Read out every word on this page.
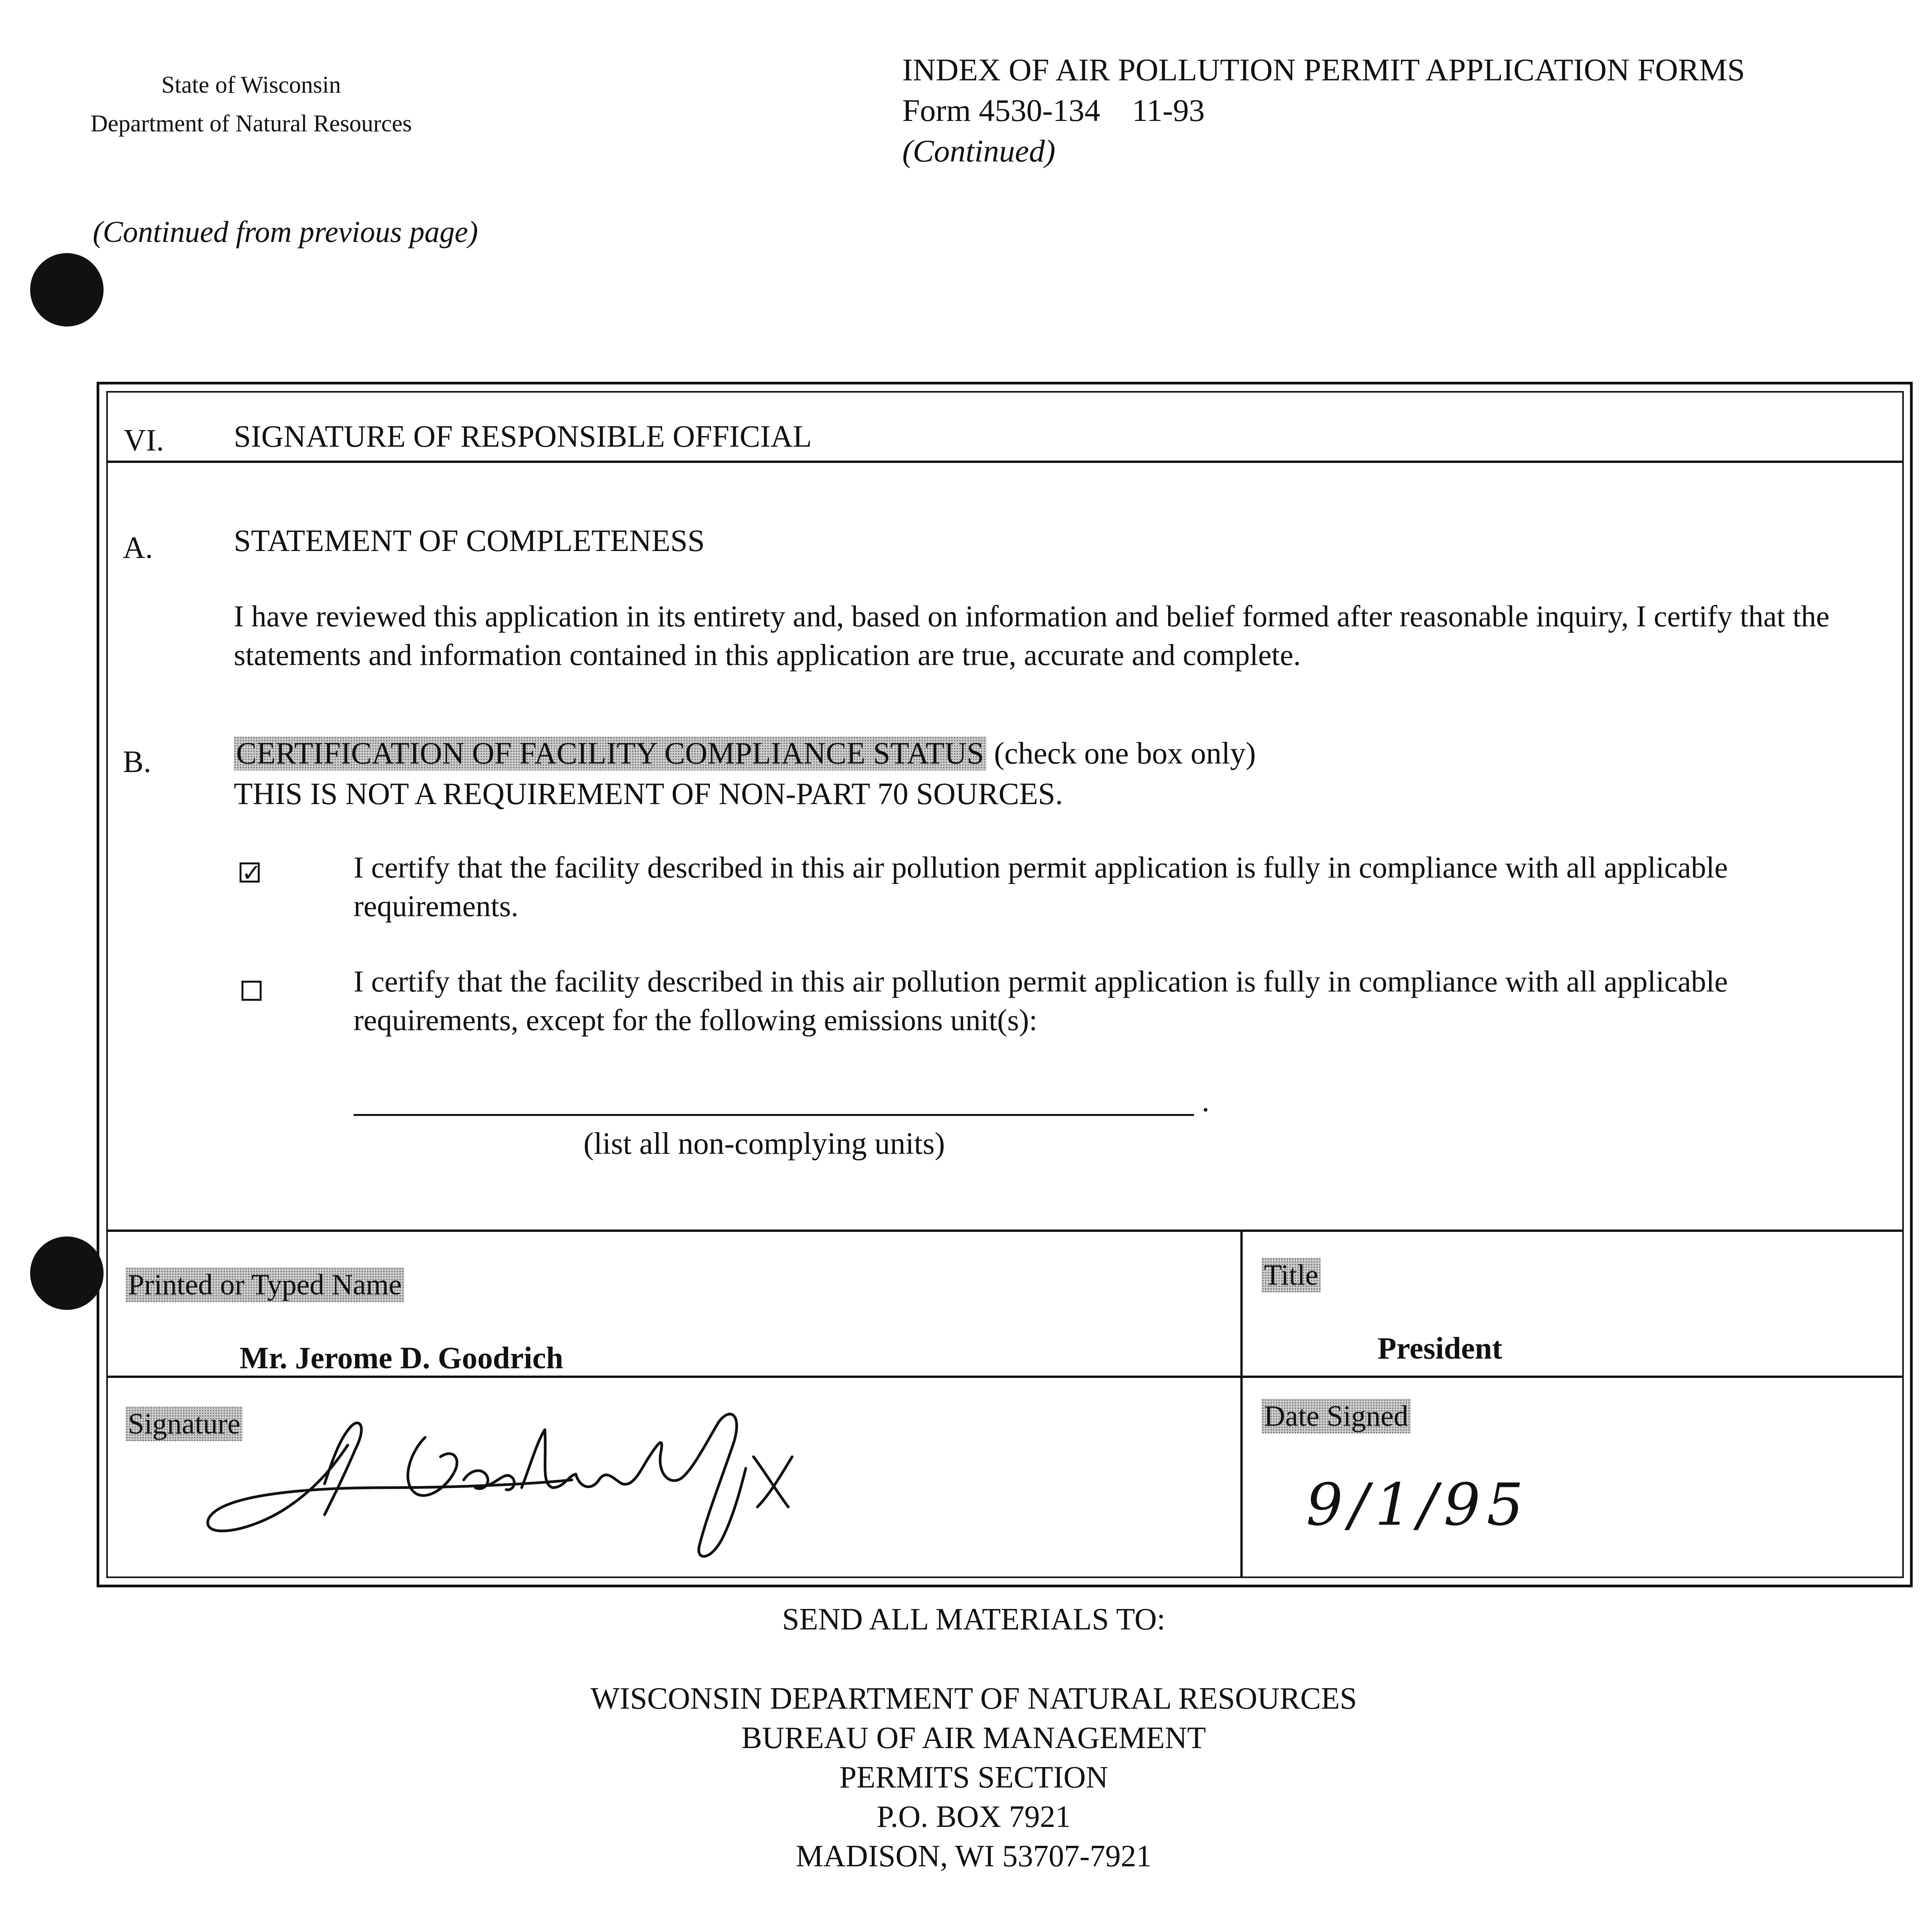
State of Wisconsin
Department of Natural Resources
INDEX OF AIR POLLUTION PERMIT APPLICATION FORMS
Form 4530-134 11-93
(Continued)
(Continued from previous page)
VI. SIGNATURE OF RESPONSIBLE OFFICIAL
A.	STATEMENT OF COMPLETENESS
I have reviewed this application in its entirety and, based on information and belief formed after reasonable inquiry, I certify that the statements and information contained in this application are true, accurate and complete.
B.	CERTIFICATION OF FACILITY COMPLIANCE STATUS (check one box only)
THIS IS NOT A REQUIREMENT OF NON-PART 70 SOURCES.
✓	I certify that the facility described in this air pollution permit application is fully in compliance with all applicable
requirements.
I certify that the facility described in this air pollution permit application is fully in compliance with all applicable
requirements, except for the following emissions unit(s):
.
(list all non-complying units)
Printed or Typed Name
Mr. Jerome D. Goodrich
Title
President
Signature	Date Signed
9/1/95
SEND ALL MATERIALS TO:
WISCONSIN DEPARTMENT OF NATURAL RESOURCES
BUREAU OF AIR MANAGEMENT
PERMITS SECTION
P.O. BOX 7921
MADISON, WI 53707-7921
